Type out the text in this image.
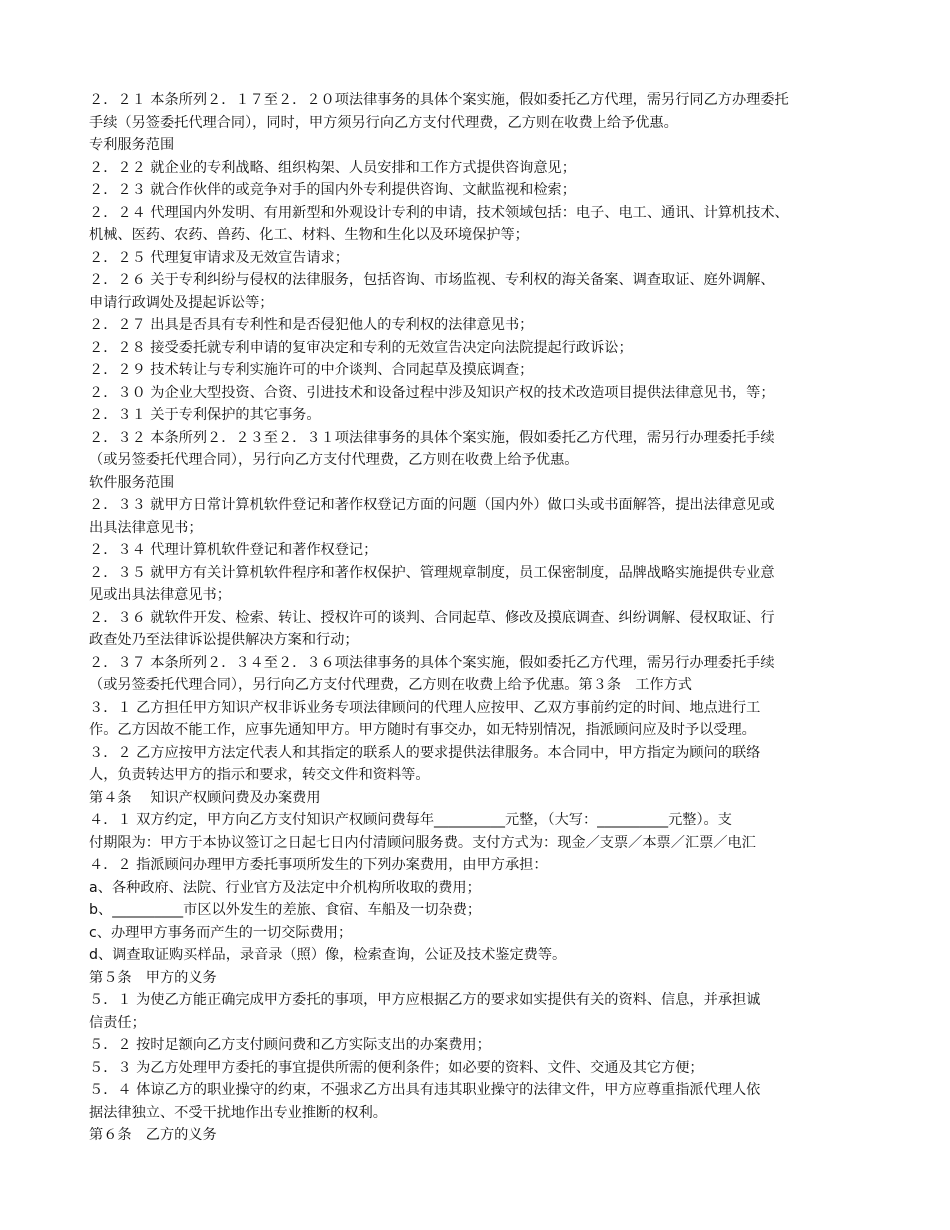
２．２１ 本条所列２．１７至２．２０项法律事务的具体个案实施，假如委托乙方代理，需另行同乙方办理委托
手续（另签委托代理合同），同时，甲方须另行向乙方支付代理费，乙方则在收费上给予优惠。
专利服务范围
２．２２ 就企业的专利战略、组织构架、人员安排和工作方式提供咨询意见；
２．２３ 就合作伙伴的或竞争对手的国内外专利提供咨询、文献监视和检索；
２．２４ 代理国内外发明、有用新型和外观设计专利的申请，技术领域包括：电子、电工、通讯、计算机技术、
机械、医药、农药、兽药、化工、材料、生物和生化以及环境保护等；
２．２５ 代理复审请求及无效宣告请求；
２．２６ 关于专利纠纷与侵权的法律服务，包括咨询、市场监视、专利权的海关备案、调查取证、庭外调解、
申请行政调处及提起诉讼等；
２．２７ 出具是否具有专利性和是否侵犯他人的专利权的法律意见书；
２．２８ 接受委托就专利申请的复审决定和专利的无效宣告决定向法院提起行政诉讼；
２．２９ 技术转让与专利实施许可的中介谈判、合同起草及摸底调查；
２．３０ 为企业大型投资、合资、引进技术和设备过程中涉及知识产权的技术改造项目提供法律意见书，等；
２．３１ 关于专利保护的其它事务。
２．３２ 本条所列２．２３至２．３１项法律事务的具体个案实施，假如委托乙方代理，需另行办理委托手续
（或另签委托代理合同），另行向乙方支付代理费，乙方则在收费上给予优惠。
软件服务范围
２．３３ 就甲方日常计算机软件登记和著作权登记方面的问题（国内外）做口头或书面解答，提出法律意见或
出具法律意见书；
２．３４ 代理计算机软件登记和著作权登记；
２．３５ 就甲方有关计算机软件程序和著作权保护、管理规章制度，员工保密制度，品牌战略实施提供专业意
见或出具法律意见书；
２．３６ 就软件开发、检索、转让、授权许可的谈判、合同起草、修改及摸底调查、纠纷调解、侵权取证、行
政查处乃至法律诉讼提供解决方案和行动；
２．３７ 本条所列２．３４至２．３６项法律事务的具体个案实施，假如委托乙方代理，需另行办理委托手续
（或另签委托代理合同），另行向乙方支付代理费，乙方则在收费上给予优惠。第３条　工作方式
３．１ 乙方担任甲方知识产权非诉业务专项法律顾问的代理人应按甲、乙双方事前约定的时间、地点进行工
作。乙方因故不能工作，应事先通知甲方。甲方随时有事交办，如无特别情况，指派顾问应及时予以受理。
３．２ 乙方应按甲方法定代表人和其指定的联系人的要求提供法律服务。本合同中，甲方指定为顾问的联络
人，负责转达甲方的指示和要求，转交文件和资料等。
第４条　 知识产权顾问费及办案费用
４．１ 双方约定，甲方向乙方支付知识产权顾问费每年__________元整，（大写：__________元整）。支
付期限为：甲方于本协议签订之日起七日内付清顾问服务费。支付方式为：现金／支票／本票／汇票／电汇
４．２ 指派顾问办理甲方委托事项所发生的下列办案费用，由甲方承担：
a、各种政府、法院、行业官方及法定中介机构所收取的费用；
b、__________市区以外发生的差旅、食宿、车船及一切杂费；
c、办理甲方事务而产生的一切交际费用；
d、调查取证购买样品，录音录（照）像，检索查询，公证及技术鉴定费等。
第５条　甲方的义务
５．１ 为使乙方能正确完成甲方委托的事项，甲方应根据乙方的要求如实提供有关的资料、信息，并承担诚
信责任；
５．２ 按时足额向乙方支付顾问费和乙方实际支出的办案费用；
５．３ 为乙方处理甲方委托的事宜提供所需的便利条件；如必要的资料、文件、交通及其它方便；
５．４ 体谅乙方的职业操守的约束，不强求乙方出具有违其职业操守的法律文件，甲方应尊重指派代理人依
据法律独立、不受干扰地作出专业推断的权利。
第６条　乙方的义务
